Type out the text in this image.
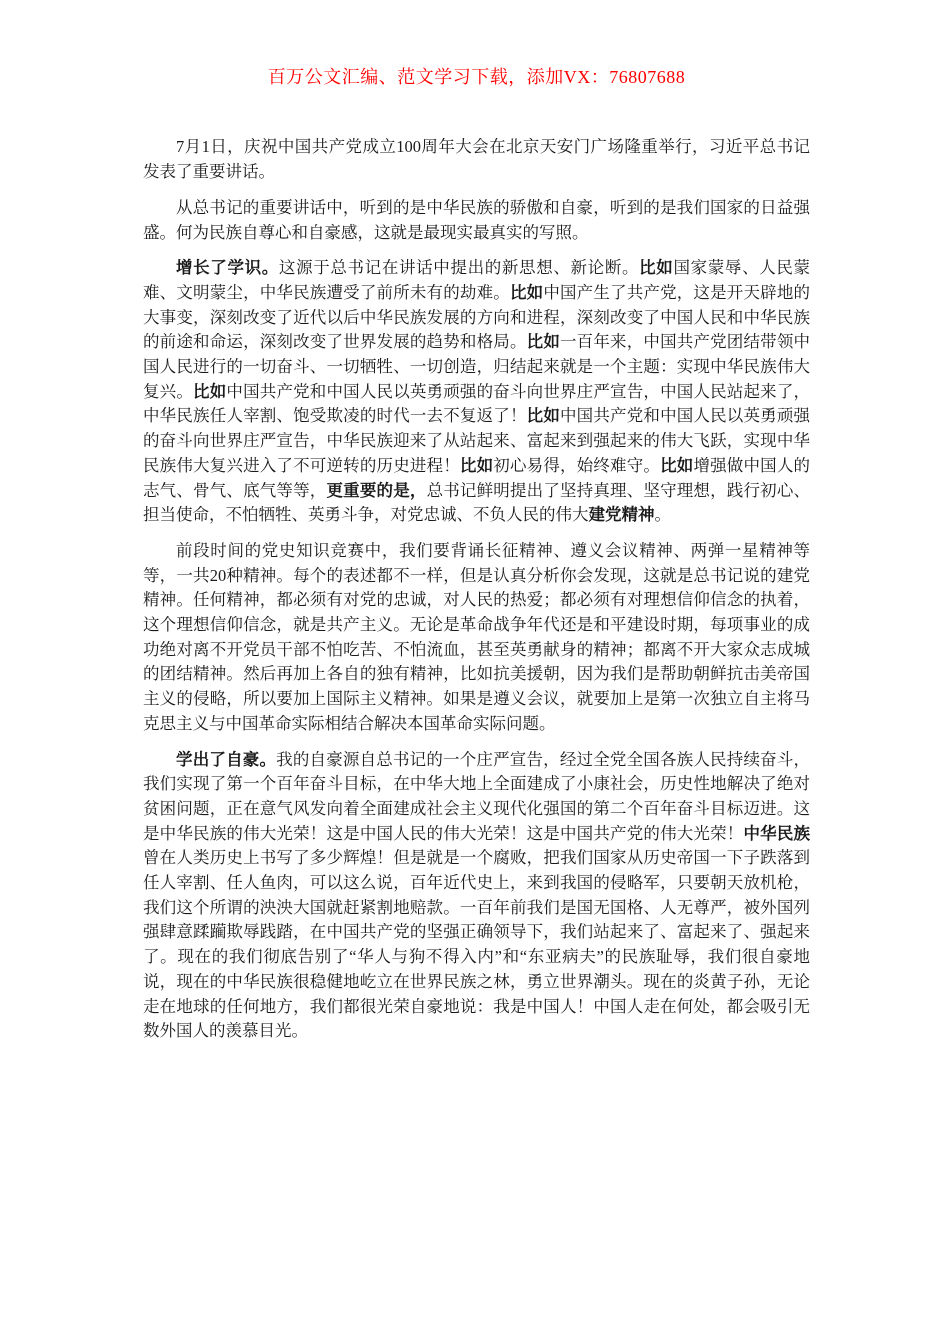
百万公文汇编、范文学习下载，添加VX：76807688

7月1日，庆祝中国共产党成立100周年大会在北京天安门广场隆重举行，习近平总书记发表了重要讲话。

从总书记的重要讲话中，听到的是中华民族的骄傲和自豪，听到的是我们国家的日益强盛。何为民族自尊心和自豪感，这就是最现实最真实的写照。

增长了学识。这源于总书记在讲话中提出的新思想、新论断。比如国家蒙辱、人民蒙难、文明蒙尘，中华民族遭受了前所未有的劫难。比如中国产生了共产党，这是开天辟地的大事变，深刻改变了近代以后中华民族发展的方向和进程，深刻改变了中国人民和中华民族的前途和命运，深刻改变了世界发展的趋势和格局。比如一百年来，中国共产党团结带领中国人民进行的一切奋斗、一切牺牲、一切创造，归结起来就是一个主题：实现中华民族伟大复兴。比如中国共产党和中国人民以英勇顽强的奋斗向世界庄严宣告，中国人民站起来了，中华民族任人宰割、饱受欺凌的时代一去不复返了！比如中国共产党和中国人民以英勇顽强的奋斗向世界庄严宣告，中华民族迎来了从站起来、富起来到强起来的伟大飞跃，实现中华民族伟大复兴进入了不可逆转的历史进程！比如初心易得，始终难守。比如增强做中国人的志气、骨气、底气等等，更重要的是，总书记鲜明提出了坚持真理、坚守理想，践行初心、担当使命，不怕牺牲、英勇斗争，对党忠诚、不负人民的伟大建党精神。

前段时间的党史知识竞赛中，我们要背诵长征精神、遵义会议精神、两弹一星精神等等，一共20种精神。每个的表述都不一样，但是认真分析你会发现，这就是总书记说的建党精神。任何精神，都必须有对党的忠诚，对人民的热爱；都必须有对理想信仰信念的执着，这个理想信仰信念，就是共产主义。无论是革命战争年代还是和平建设时期，每项事业的成功绝对离不开党员干部不怕吃苦、不怕流血，甚至英勇献身的精神；都离不开大家众志成城的团结精神。然后再加上各自的独有精神，比如抗美援朝，因为我们是帮助朝鲜抗击美帝国主义的侵略，所以要加上国际主义精神。如果是遵义会议，就要加上是第一次独立自主将马克思主义与中国革命实际相结合解决本国革命实际问题。

学出了自豪。我的自豪源自总书记的一个庄严宣告，经过全党全国各族人民持续奋斗，我们实现了第一个百年奋斗目标，在中华大地上全面建成了小康社会，历史性地解决了绝对贫困问题，正在意气风发向着全面建成社会主义现代化强国的第二个百年奋斗目标迈进。这是中华民族的伟大光荣！这是中国人民的伟大光荣！这是中国共产党的伟大光荣！中华民族曾在人类历史上书写了多少辉煌！但是就是一个腐败，把我们国家从历史帝国一下子跌落到任人宰割、任人鱼肉，可以这么说，百年近代史上，来到我国的侵略军，只要朝天放机枪，我们这个所谓的泱泱大国就赶紧割地赔款。一百年前我们是国无国格、人无尊严，被外国列强肆意蹂躏欺辱践踏，在中国共产党的坚强正确领导下，我们站起来了、富起来了、强起来了。现在的我们彻底告别了“华人与狗不得入内”和“东亚病夫”的民族耻辱，我们很自豪地说，现在的中华民族很稳健地屹立在世界民族之林，勇立世界潮头。现在的炎黄子孙，无论走在地球的任何地方，我们都很光荣自豪地说：我是中国人！中国人走在何处，都会吸引无数外国人的羡慕目光。
